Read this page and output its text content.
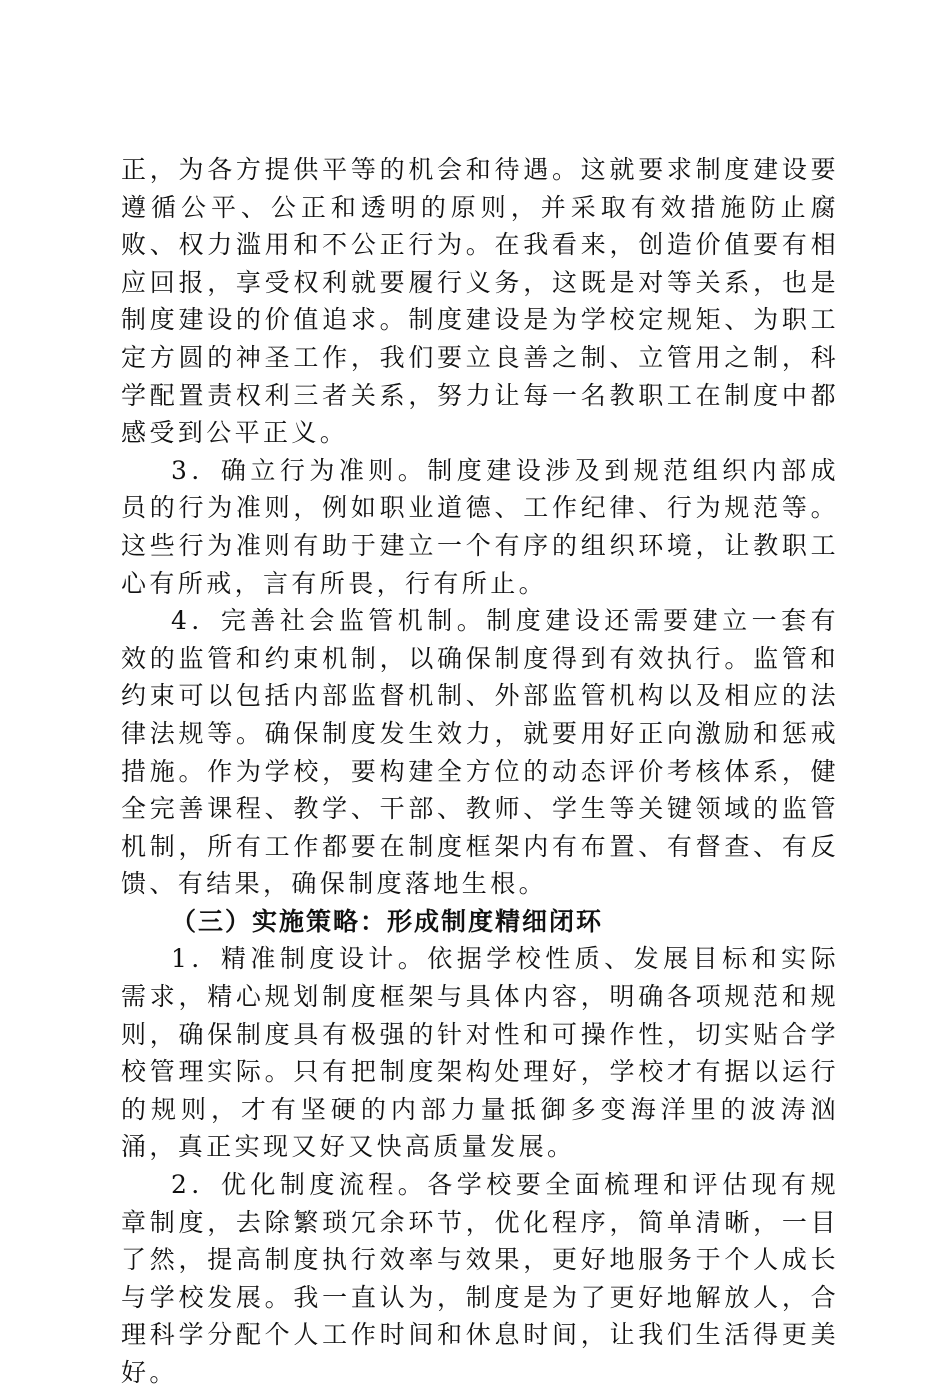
正，为各方提供平等的机会和待遇。这就要求制度建设要遵循公平、公正和透明的原则，并采取有效措施防止腐败、权力滥用和不公正行为。在我看来，创造价值要有相应回报，享受权利就要履行义务，这既是对等关系，也是制度建设的价值追求。制度建设是为学校定规矩、为职工定方圆的神圣工作，我们要立良善之制、立管用之制，科学配置责权利三者关系，努力让每一名教职工在制度中都感受到公平正义。

3．确立行为准则。制度建设涉及到规范组织内部成员的行为准则，例如职业道德、工作纪律、行为规范等。这些行为准则有助于建立一个有序的组织环境，让教职工心有所戒，言有所畏，行有所止。

4．完善社会监管机制。制度建设还需要建立一套有效的监管和约束机制，以确保制度得到有效执行。监管和约束可以包括内部监督机制、外部监管机构以及相应的法律法规等。确保制度发生效力，就要用好正向激励和惩戒措施。作为学校，要构建全方位的动态评价考核体系，健全完善课程、教学、干部、教师、学生等关键领域的监管机制，所有工作都要在制度框架内有布置、有督查、有反馈、有结果，确保制度落地生根。

（三）实施策略：形成制度精细闭环

1．精准制度设计。依据学校性质、发展目标和实际需求，精心规划制度框架与具体内容，明确各项规范和规则，确保制度具有极强的针对性和可操作性，切实贴合学校管理实际。只有把制度架构处理好，学校才有据以运行的规则，才有坚硬的内部力量抵御多变海洋里的波涛汹涌，真正实现又好又快高质量发展。

2．优化制度流程。各学校要全面梳理和评估现有规章制度，去除繁琐冗余环节，优化程序，简单清晰，一目了然，提高制度执行效率与效果，更好地服务于个人成长与学校发展。我一直认为，制度是为了更好地解放人，合理科学分配个人工作时间和休息时间，让我们生活得更美好。
